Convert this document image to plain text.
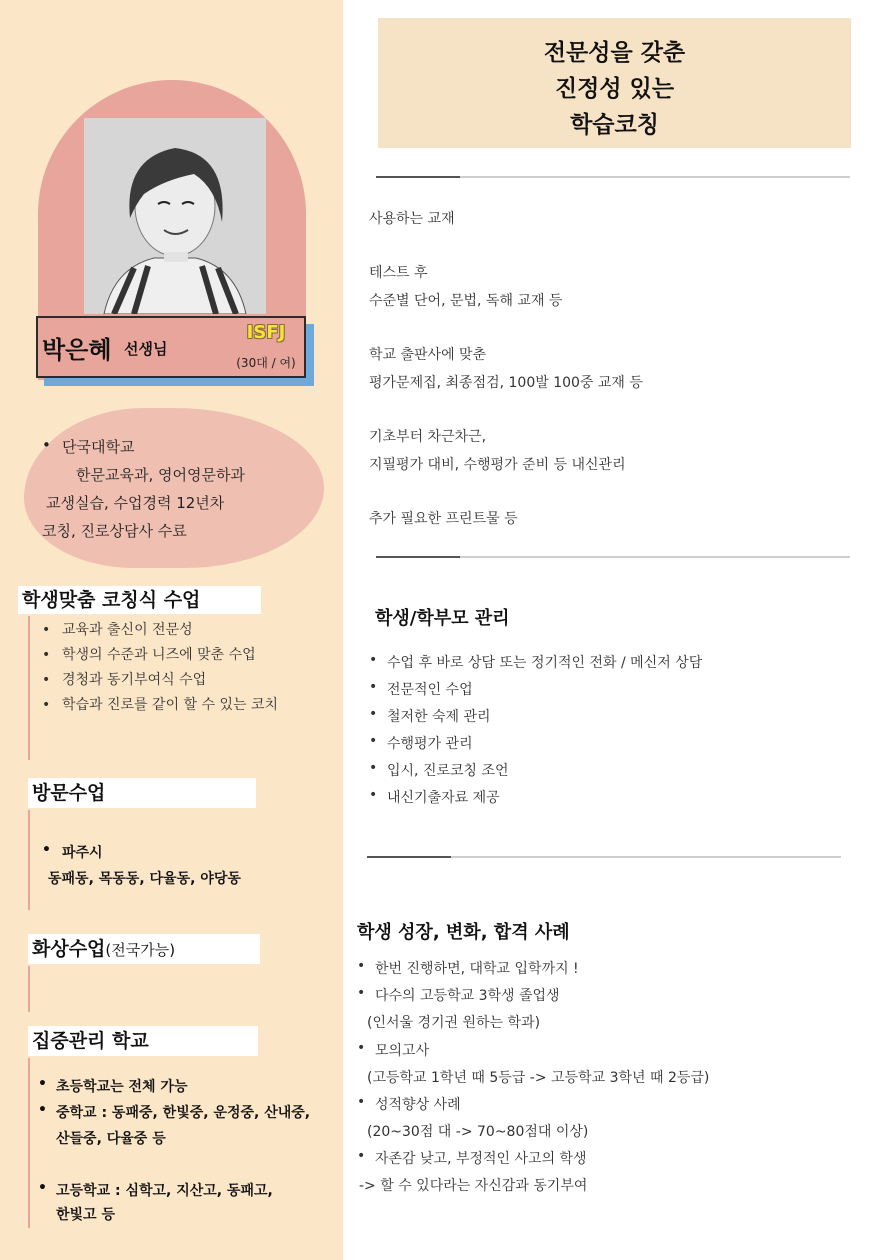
박은혜 선생님
ISFJ
(30대 / 여)
• 단국대학교
한문교육과, 영어영문하과
교생실습, 수업경력 12년차
코칭, 진로상담사 수료
학생맞춤 코칭식 수업
• 교육과 출신이 전문성
• 학생의 수준과 니즈에 맞춘 수업
• 경청과 동기부여식 수업
• 학습과 진로를 같이 할 수 있는 코치
방문수업
• 파주시
동패동, 목동동, 다율동, 야당동
화상수업(전국가능)
집중관리 학교
• 초등학교는 전체 가능
• 중학교 : 동패중, 한빛중, 운정중, 산내중,
산들중, 다율중 등
• 고등학교 : 심학고, 지산고, 동패고,
한빛고 등
전문성을 갖춘
진정성 있는
학습코칭
사용하는 교재
테스트 후
수준별 단어, 문법, 독해 교재 등
학교 출판사에 맞춘
평가문제집, 최종점검, 100발 100중 교재 등
기초부터 차근차근,
지필평가 대비, 수행평가 준비 등 내신관리
추가 필요한 프린트물 등
학생/학부모 관리
• 수업 후 바로 상담 또는 정기적인 전화 / 메신저 상담
• 전문적인 수업
• 철저한 숙제 관리
• 수행평가 관리
• 입시, 진로코칭 조언
• 내신기출자료 제공
학생 성장, 변화, 합격 사례
• 한번 진행하면, 대학교 입학까지 !
• 다수의 고등학교 3학생 졸업생
(인서울 경기권 원하는 학과)
• 모의고사
(고등학교 1학년 때 5등급 -> 고등학교 3학년 때 2등급)
• 성적향상 사례
(20~30점 대 -> 70~80점대 이상)
• 자존감 낮고, 부정적인 사고의 학생
-> 할 수 있다라는 자신감과 동기부여
